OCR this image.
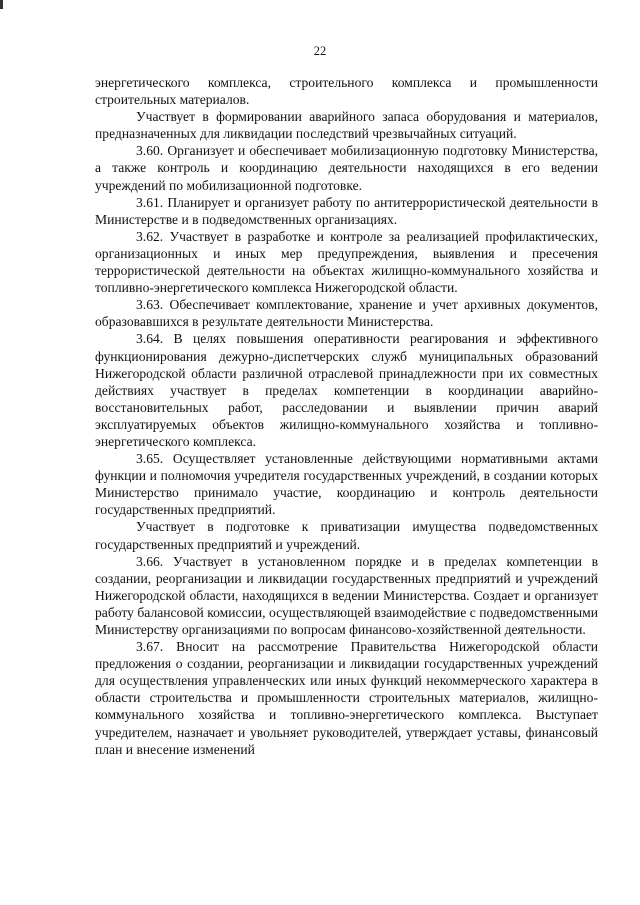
22

энергетического комплекса, строительного комплекса и промышленности строительных материалов.

Участвует в формировании аварийного запаса оборудования и материалов, предназначенных для ликвидации последствий чрезвычайных ситуаций.

3.60. Организует и обеспечивает мобилизационную подготовку Министерства, а также контроль и координацию деятельности находящихся в его ведении учреждений по мобилизационной подготовке.

3.61. Планирует и организует работу по антитеррористической деятельности в Министерстве и в подведомственных организациях.

3.62. Участвует в разработке и контроле за реализацией профилактических, организационных и иных мер предупреждения, выявления и пресечения террористической деятельности на объектах жилищно-коммунального хозяйства и топливно-энергетического комплекса Нижегородской области.

3.63. Обеспечивает комплектование, хранение и учет архивных документов, образовавшихся в результате деятельности Министерства.

3.64. В целях повышения оперативности реагирования и эффективного функционирования дежурно-диспетчерских служб муниципальных образований Нижегородской области различной отраслевой принадлежности при их совместных действиях участвует в пределах компетенции в координации аварийно-восстановительных работ, расследовании и выявлении причин аварий эксплуатируемых объектов жилищно-коммунального хозяйства и топливно-энергетического комплекса.

3.65. Осуществляет установленные действующими нормативными актами функции и полномочия учредителя государственных учреждений, в создании которых Министерство принимало участие, координацию и контроль деятельности государственных предприятий.

Участвует в подготовке к приватизации имущества подведомственных государственных предприятий и учреждений.

3.66. Участвует в установленном порядке и в пределах компетенции в создании, реорганизации и ликвидации государственных предприятий и учреждений Нижегородской области, находящихся в ведении Министерства. Создает и организует работу балансовой комиссии, осуществляющей взаимодействие с подведомственными Министерству организациями по вопросам финансово-хозяйственной деятельности.

3.67. Вносит на рассмотрение Правительства Нижегородской области предложения о создании, реорганизации и ликвидации государственных учреждений для осуществления управленческих или иных функций некоммерческого характера в области строительства и промышленности строительных материалов, жилищно-коммунального хозяйства и топливно-энергетического комплекса. Выступает учредителем, назначает и увольняет руководителей, утверждает уставы, финансовый план и внесение изменений
